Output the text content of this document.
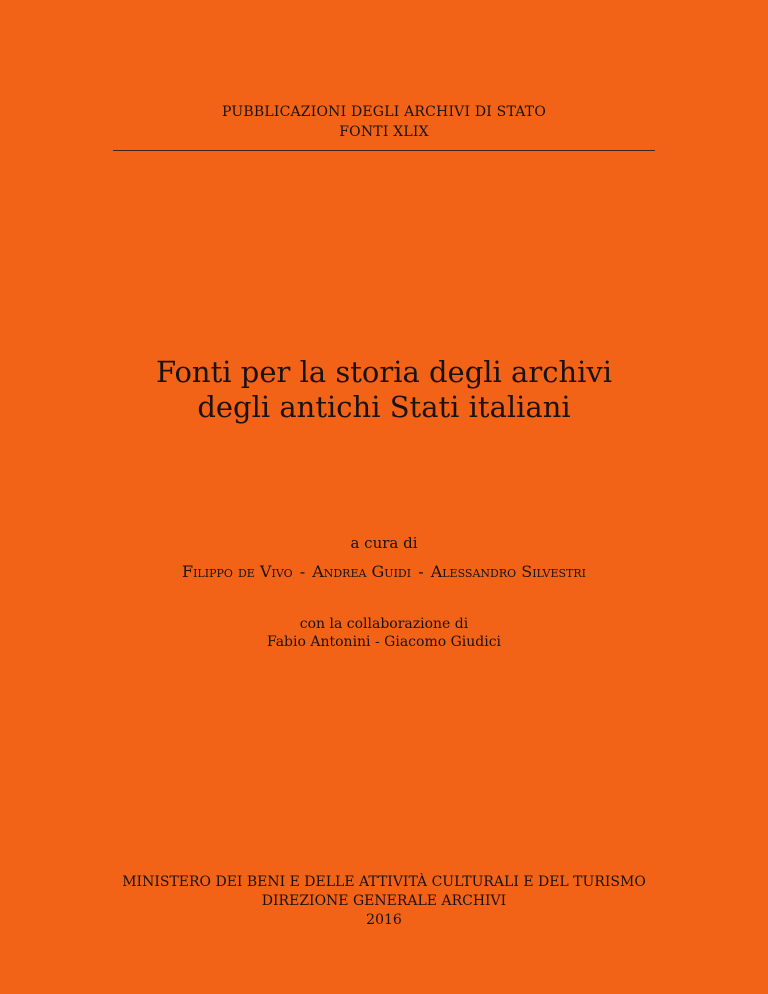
PUBBLICAZIONI DEGLI ARCHIVI DI STATO
FONTI XLIX
Fonti per la storia degli archivi
degli antichi Stati italiani
a cura di
Filippo de Vivo - Andrea Guidi - Alessandro Silvestri
con la collaborazione di
Fabio Antonini - Giacomo Giudici
MINISTERO DEI BENI E DELLE ATTIVITÀ CULTURALI E DEL TURISMO
DIREZIONE GENERALE ARCHIVI
2016
